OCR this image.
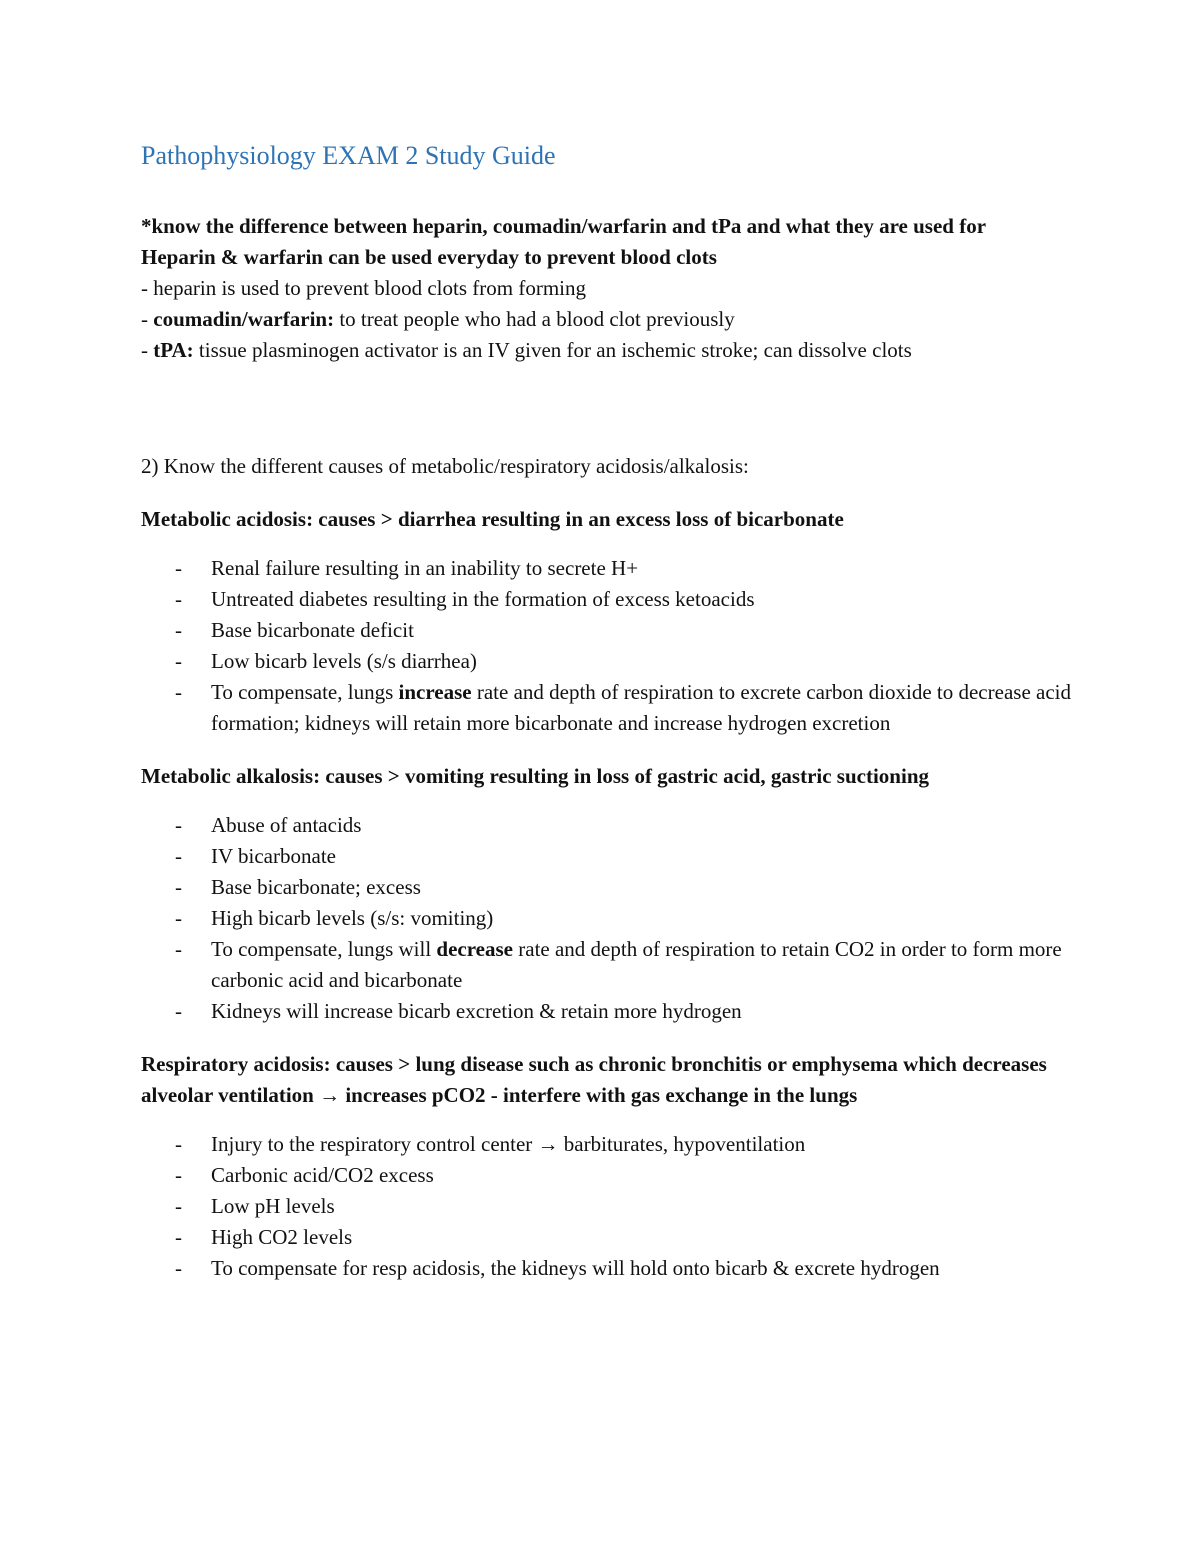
Pathophysiology EXAM 2 Study Guide

*know the difference between heparin, coumadin/warfarin and tPa and what they are used for

Heparin & warfarin can be used everyday to prevent blood clots

- heparin is used to prevent blood clots from forming

- coumadin/warfarin: to treat people who had a blood clot previously

- tPA: tissue plasminogen activator is an IV given for an ischemic stroke; can dissolve clots

2) Know the different causes of metabolic/respiratory acidosis/alkalosis:

Metabolic acidosis: causes > diarrhea resulting in an excess loss of bicarbonate

- Renal failure resulting in an inability to secrete H+
- Untreated diabetes resulting in the formation of excess ketoacids
- Base bicarbonate deficit
- Low bicarb levels (s/s diarrhea)
- To compensate, lungs increase rate and depth of respiration to excrete carbon dioxide to decrease acid formation; kidneys will retain more bicarbonate and increase hydrogen excretion

Metabolic alkalosis: causes > vomiting resulting in loss of gastric acid, gastric suctioning

- Abuse of antacids
- IV bicarbonate
- Base bicarbonate; excess
- High bicarb levels (s/s: vomiting)
- To compensate, lungs will decrease rate and depth of respiration to retain CO2 in order to form more carbonic acid and bicarbonate
- Kidneys will increase bicarb excretion & retain more hydrogen

Respiratory acidosis: causes > lung disease such as chronic bronchitis or emphysema which decreases alveolar ventilation → increases pCO2 - interfere with gas exchange in the lungs

- Injury to the respiratory control center → barbiturates, hypoventilation
- Carbonic acid/CO2 excess
- Low pH levels
- High CO2 levels
- To compensate for resp acidosis, the kidneys will hold onto bicarb & excrete hydrogen
